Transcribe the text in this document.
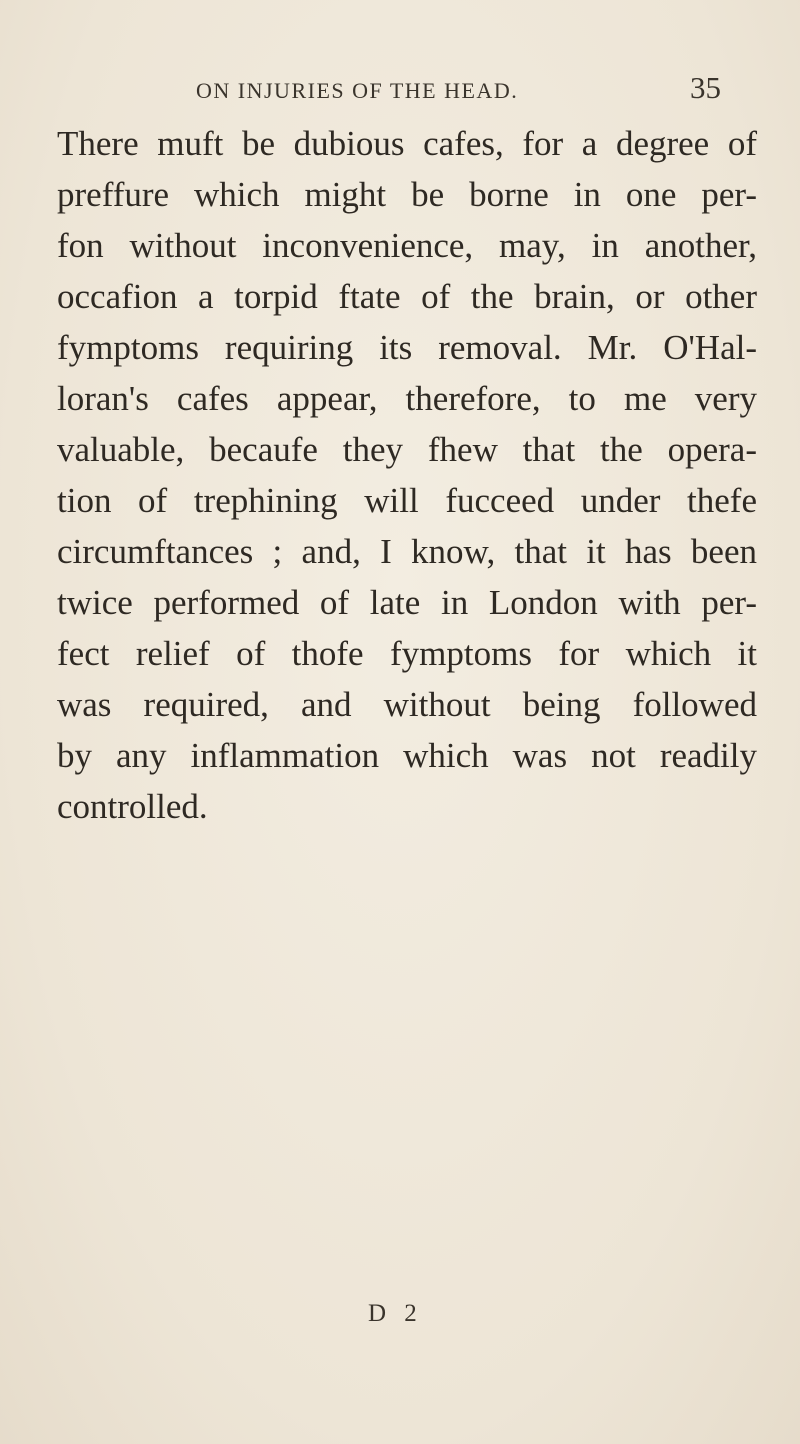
ON INJURIES OF THE HEAD.	35
There muft be dubious cafes, for a degree of
preffure which might be borne in one per-
fon without inconvenience, may, in another,
occafion a torpid ftate of the brain, or other
fymptoms requiring its removal. Mr. O'Hal-
loran's cafes appear, therefore, to me very
valuable, becaufe they fhew that the opera-
tion of trephining will fucceed under thefe
circumftances ; and, I know, that it has been
twice performed of late in London with per-
fect relief of thofe fymptoms for which it
was required, and without being followed
by any inflammation which was not readily
controlled.
D 2
